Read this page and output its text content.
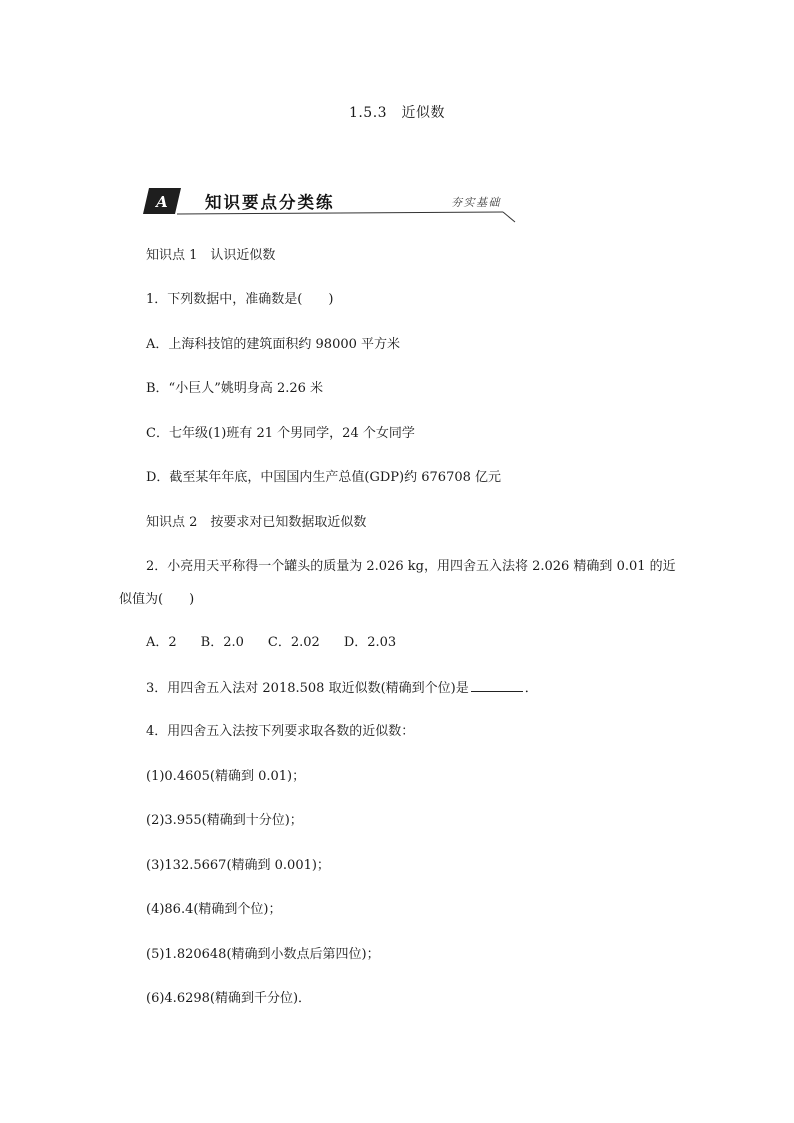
1.5.3　近似数
A 知识要点分类练	夯实基础
知识点 1　认识近似数
1．下列数据中，准确数是(　　)
A．上海科技馆的建筑面积约 98000 平方米
B．“小巨人”姚明身高 2.26 米
C．七年级(1)班有 21 个男同学，24 个女同学
D．截至某年年底，中国国内生产总值(GDP)约 676708 亿元
知识点 2　按要求对已知数据取近似数
2．小亮用天平称得一个罐头的质量为 2.026 kg，用四舍五入法将 2.026 精确到 0.01 的近
似值为(　　)
A．2 B．2.0 C．2.02 D．2.03
3．用四舍五入法对 2018.508 取近似数(精确到个位)是	．
4．用四舍五入法按下列要求取各数的近似数：
(1)0.4605(精确到 0.01)；
(2)3.955(精确到十分位)；
(3)132.5667(精确到 0.001)；
(4)86.4(精确到个位)；
(5)1.820648(精确到小数点后第四位)；
(6)4.6298(精确到千分位)．
